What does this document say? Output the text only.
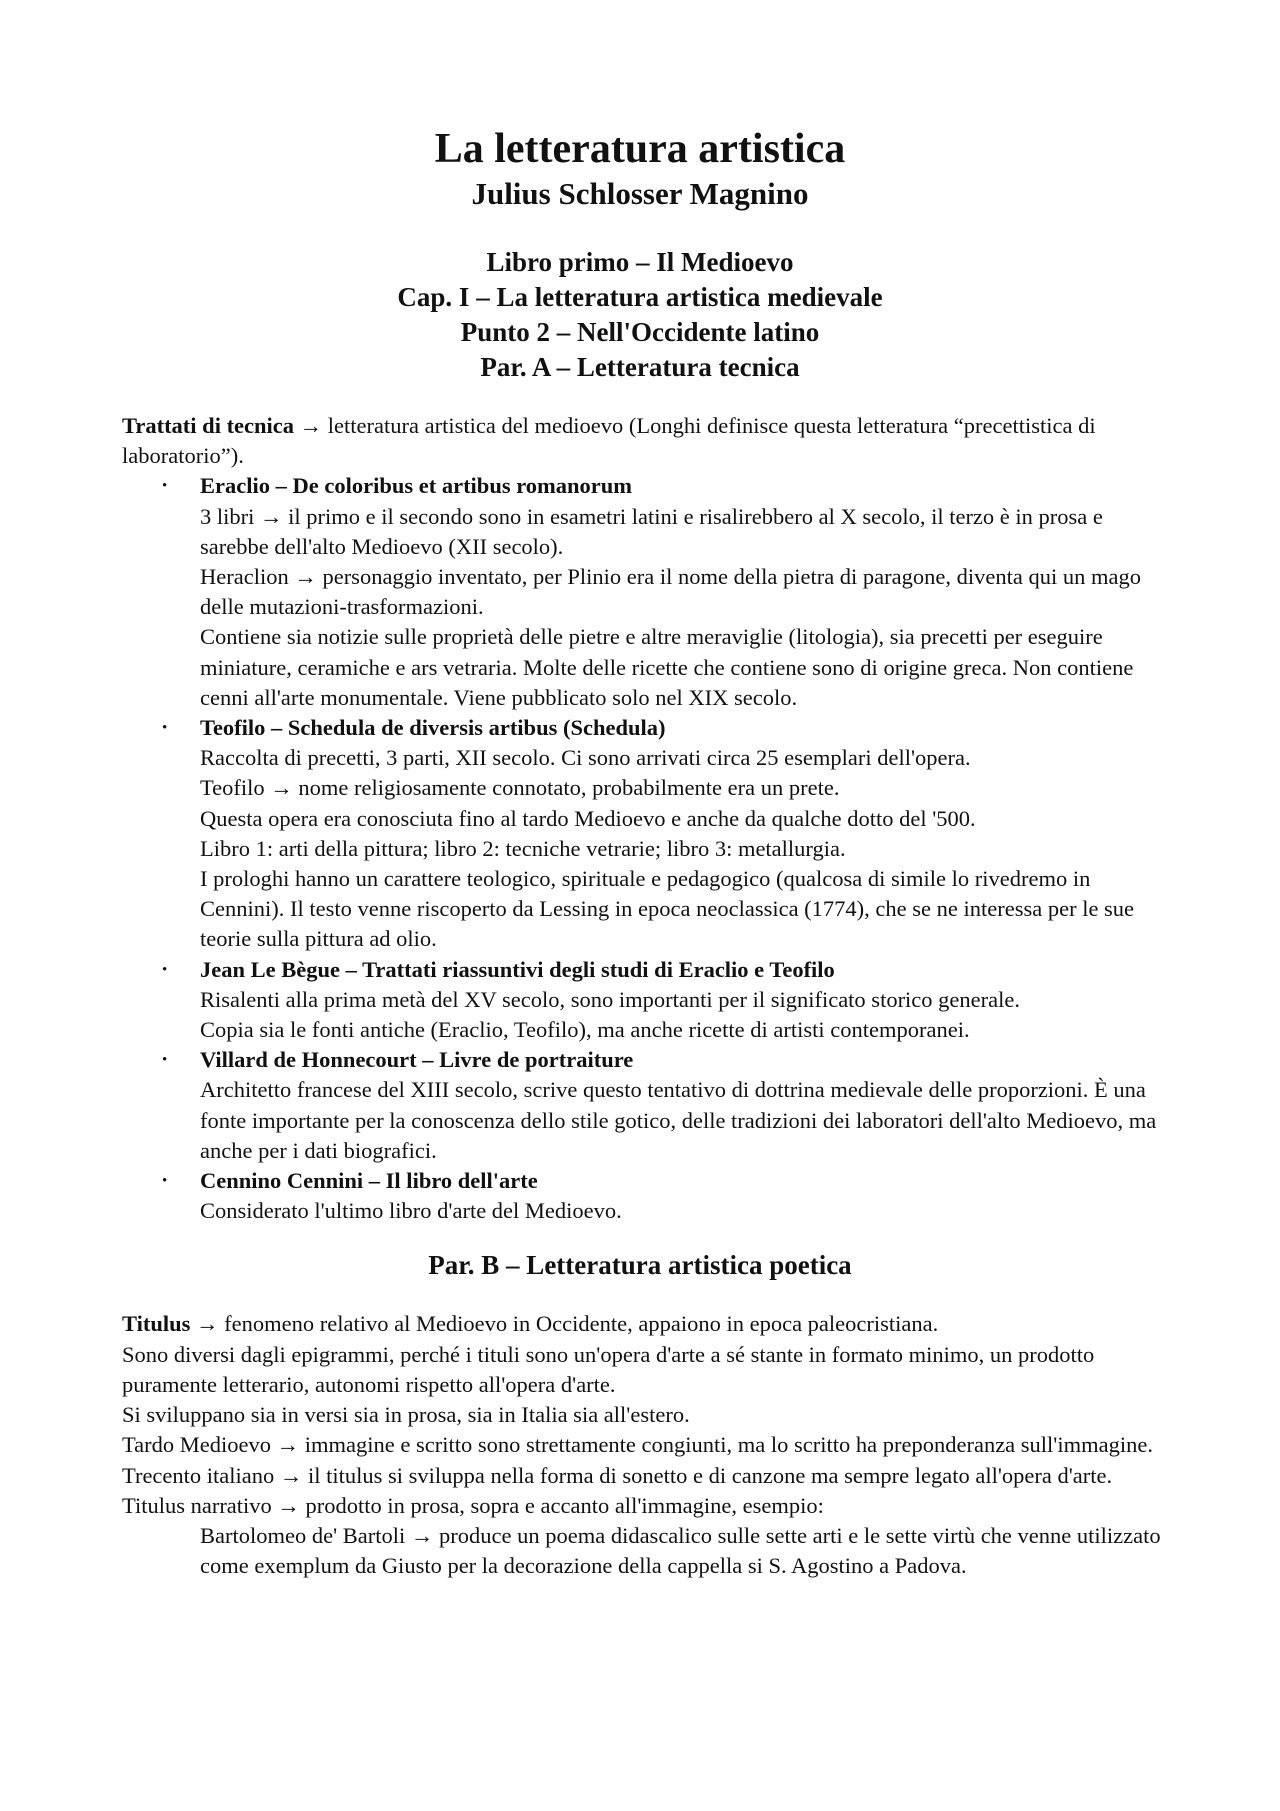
La letteratura artistica
Julius Schlosser Magnino
Libro primo – Il Medioevo
Cap. I – La letteratura artistica medievale
Punto 2 – Nell'Occidente latino
Par. A – Letteratura tecnica

Trattati di tecnica → letteratura artistica del medioevo (Longhi definisce questa letteratura “precettistica di laboratorio”).

• Eraclio – De coloribus et artibus romanorum

3 libri → il primo e il secondo sono in esametri latini e risalirebbero al X secolo, il terzo è in prosa e sarebbe dell'alto Medioevo (XII secolo).

Heraclion → personaggio inventato, per Plinio era il nome della pietra di paragone, diventa qui un mago delle mutazioni-trasformazioni.

Contiene sia notizie sulle proprietà delle pietre e altre meraviglie (litologia), sia precetti per eseguire miniature, ceramiche e ars vetraria. Molte delle ricette che contiene sono di origine greca. Non contiene cenni all'arte monumentale. Viene pubblicato solo nel XIX secolo.

• Teofilo – Schedula de diversis artibus (Schedula)

Raccolta di precetti, 3 parti, XII secolo. Ci sono arrivati circa 25 esemplari dell'opera.

Teofilo → nome religiosamente connotato, probabilmente era un prete.

Questa opera era conosciuta fino al tardo Medioevo e anche da qualche dotto del '500.

Libro 1: arti della pittura; libro 2: tecniche vetrarie; libro 3: metallurgia.

I prologhi hanno un carattere teologico, spirituale e pedagogico (qualcosa di simile lo rivedremo in Cennini). Il testo venne riscoperto da Lessing in epoca neoclassica (1774), che se ne interessa per le sue teorie sulla pittura ad olio.

• Jean Le Bègue – Trattati riassuntivi degli studi di Eraclio e Teofilo

Risalenti alla prima metà del XV secolo, sono importanti per il significato storico generale.

Copia sia le fonti antiche (Eraclio, Teofilo), ma anche ricette di artisti contemporanei.

• Villard de Honnecourt – Livre de portraiture

Architetto francese del XIII secolo, scrive questo tentativo di dottrina medievale delle proporzioni. È una fonte importante per la conoscenza dello stile gotico, delle tradizioni dei laboratori dell'alto Medioevo, ma anche per i dati biografici.

• Cennino Cennini – Il libro dell'arte

Considerato l'ultimo libro d'arte del Medioevo.

Par. B – Letteratura artistica poetica

Titulus → fenomeno relativo al Medioevo in Occidente, appaiono in epoca paleocristiana.

Sono diversi dagli epigrammi, perché i tituli sono un'opera d'arte a sé stante in formato minimo, un prodotto puramente letterario, autonomi rispetto all'opera d'arte.

Si sviluppano sia in versi sia in prosa, sia in Italia sia all'estero.

Tardo Medioevo → immagine e scritto sono strettamente congiunti, ma lo scritto ha preponderanza sull'immagine.

Trecento italiano → il titulus si sviluppa nella forma di sonetto e di canzone ma sempre legato all'opera d'arte.

Titulus narrativo → prodotto in prosa, sopra e accanto all'immagine, esempio:

Bartolomeo de' Bartoli → produce un poema didascalico sulle sette arti e le sette virtù che venne utilizzato come exemplum da Giusto per la decorazione della cappella si S. Agostino a Padova.
